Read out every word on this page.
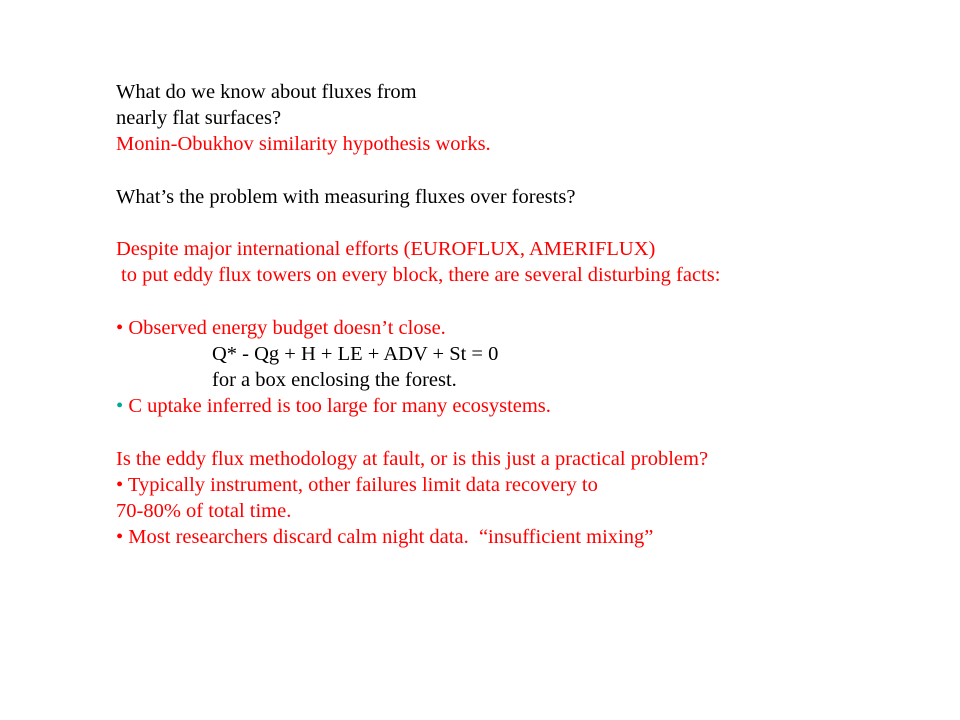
What do we know about fluxes from
nearly flat surfaces?
Monin-Obukhov similarity hypothesis works.
What’s the problem with measuring fluxes over forests?
Despite major international efforts (EUROFLUX, AMERIFLUX)
to put eddy flux towers on every block, there are several disturbing facts:
• Observed energy budget doesn’t close.
Q* - Qg + H + LE + ADV + St = 0
for a box enclosing the forest.
• C uptake inferred is too large for many ecosystems.
Is the eddy flux methodology at fault, or is this just a practical problem?
• Typically instrument, other failures limit data recovery to
70-80% of total time.
• Most researchers discard calm night data.  “insufficient mixing”
